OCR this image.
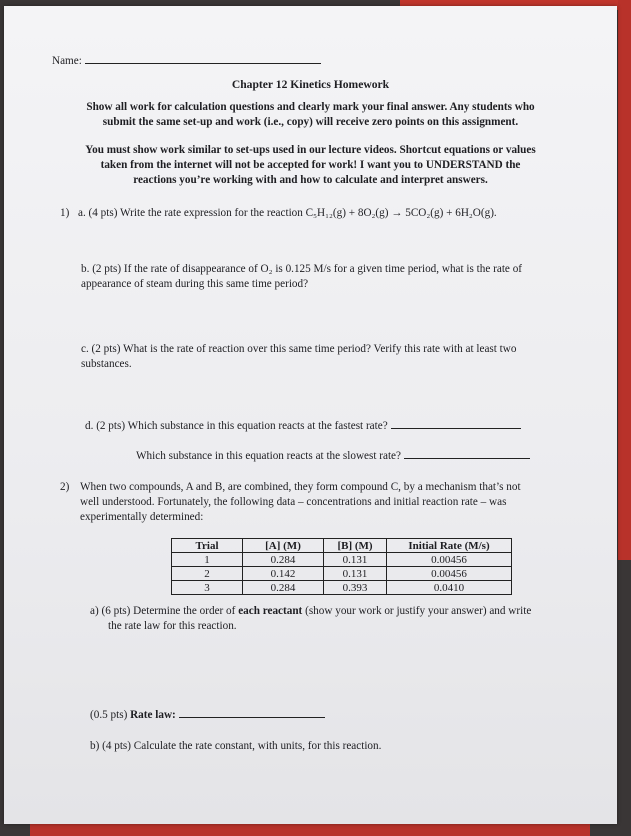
Name:
Chapter 12 Kinetics Homework
Show all work for calculation questions and clearly mark your final answer. Any students who
submit the same set-up and work (i.e., copy) will receive zero points on this assignment.
You must show work similar to set-ups used in our lecture videos. Shortcut equations or values
taken from the internet will not be accepted for work! I want you to UNDERSTAND the
reactions you’re working with and how to calculate and interpret answers.
1) a. (4 pts) Write the rate expression for the reaction C₅H₁₂(g) + 8O₂(g) → 5CO₂(g) + 6H₂O(g).
b. (2 pts) If the rate of disappearance of O₂ is 0.125 M/s for a given time period, what is the rate of
appearance of steam during this same time period?
c. (2 pts) What is the rate of reaction over this same time period? Verify this rate with at least two
substances.
d. (2 pts) Which substance in this equation reacts at the fastest rate?
Which substance in this equation reacts at the slowest rate?
2) When two compounds, A and B, are combined, they form compound C, by a mechanism that’s not
well understood. Fortunately, the following data – concentrations and initial reaction rate – was
experimentally determined:
Trial	[A] (M)	[B] (M)	Initial Rate (M/s)
1	0.284	0.131	0.00456
2	0.142	0.131	0.00456
3	0.284	0.393	0.0410
a) (6 pts) Determine the order of each reactant (show your work or justify your answer) and write
the rate law for this reaction.
(0.5 pts) Rate law:
b) (4 pts) Calculate the rate constant, with units, for this reaction.
